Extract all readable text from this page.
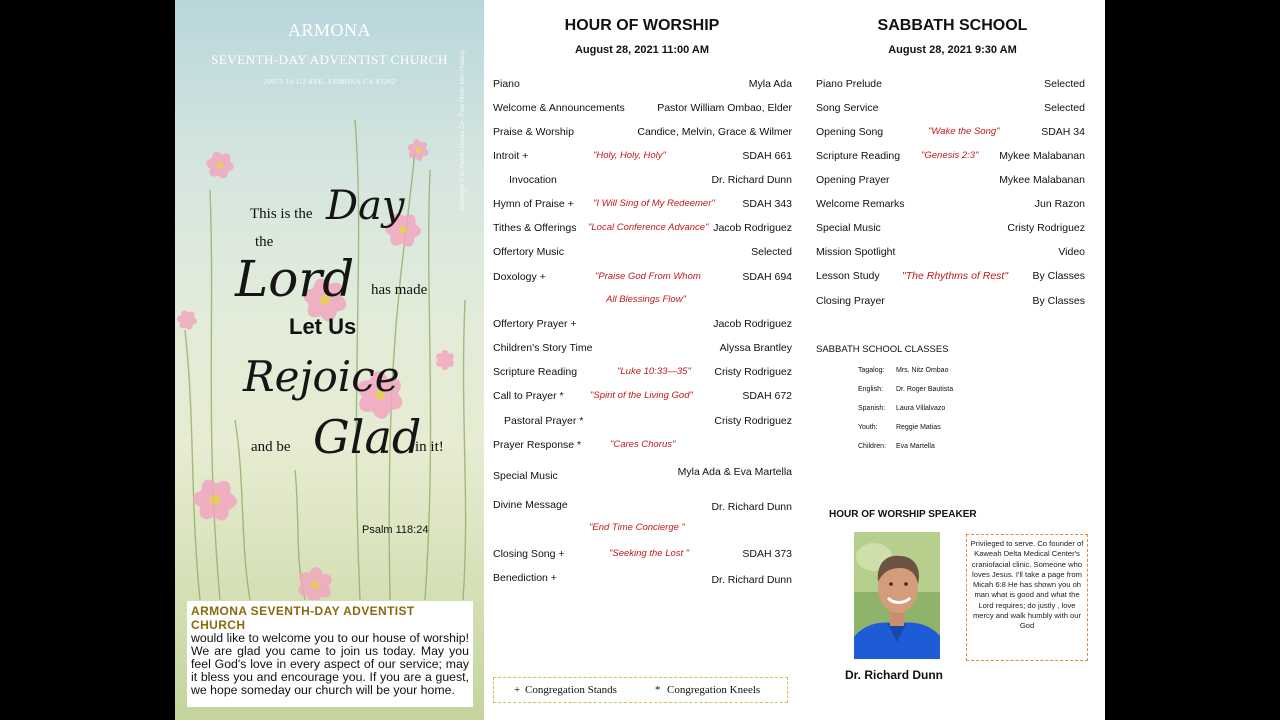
ARMONA
SEVENTH-DAY ADVENTIST CHURCH
20075 14 1/2 AVE. ARMONA CA 93202	Copyright © By Pexel | Canva Co · Free Photo from Pixabay
This is the Day
the
Lord has made
Let Us
Rejoice
and be Glad
in it!
Psalm 118:24
ARMONA SEVENTH-DAY ADVENTIST CHURCH
would like to welcome you to our house of worship! We are glad you came to join us today. May you feel God's love in every aspect of our service; may it bless you and encourage you. If you are a guest, we hope someday our church will be your home.
HOUR OF WORSHIP
August 28, 2021 11:00 AM
Piano	Myla Ada
Welcome & Announcements	Pastor William Ombao, Elder
Praise & Worship	Candice, Melvin, Grace & Wilmer
Introit +	"Holy, Holy, Holy"	SDAH 661
Invocation	Dr. Richard Dunn
Hymn of Praise + "I Will Sing of My Redeemer"	SDAH 343
Tithes & Offerings "Local Conference Advance" Jacob Rodriguez
Offertory Music	Selected
Doxology +	"Praise God From Whom	SDAH 694
All Blessings Flow"
Offertory Prayer +	Jacob Rodriguez
Children's Story Time	Alyssa Brantley
Scripture Reading	"Luke 10:33—35" Cristy Rodriguez
Call to Prayer *	"Spirit of the Living God"	SDAH 672
Pastoral Prayer *	Cristy Rodriguez
Prayer Response *	"Cares Chorus"
Special Music	Myla Ada & Eva Martella
Divine Message	Dr. Richard Dunn
"End Time Concierge "
Closing Song +	"Seeking the Lost "	SDAH 373
Benediction +	Dr. Richard Dunn
+ Congregation Stands	* Congregation Kneels
SABBATH SCHOOL
August 28, 2021 9:30 AM
Piano Prelude	Selected
Song Service	Selected
Opening Song	"Wake the Song"	SDAH 34
Scripture Reading "Genesis 2:3" Mykee Malabanan
Opening Prayer	Mykee Malabanan
Welcome Remarks	Jun Razon
Special Music	Cristy Rodriguez
Mission Spotlight	Video
Lesson Study "The Rhythms of Rest" By Classes
Closing Prayer	By Classes
SABBATH SCHOOL CLASSES
Tagalog: Mrs. Nitz Ombao
English: Dr. Roger Bautista
Spanish: Laura Villalvazo
Youth:	Reggie Matias
Children: Eva Martella
HOUR OF WORSHIP SPEAKER
Dr. Richard Dunn
Privileged to serve. Co founder of Kaweah Delta Medical Center's craniofacial clinic. Someone who loves Jesus. I'll take a page from Micah 6:8 He has shown you oh man what is good and what the Lord requires; do justly , love mercy and walk humbly with our God
